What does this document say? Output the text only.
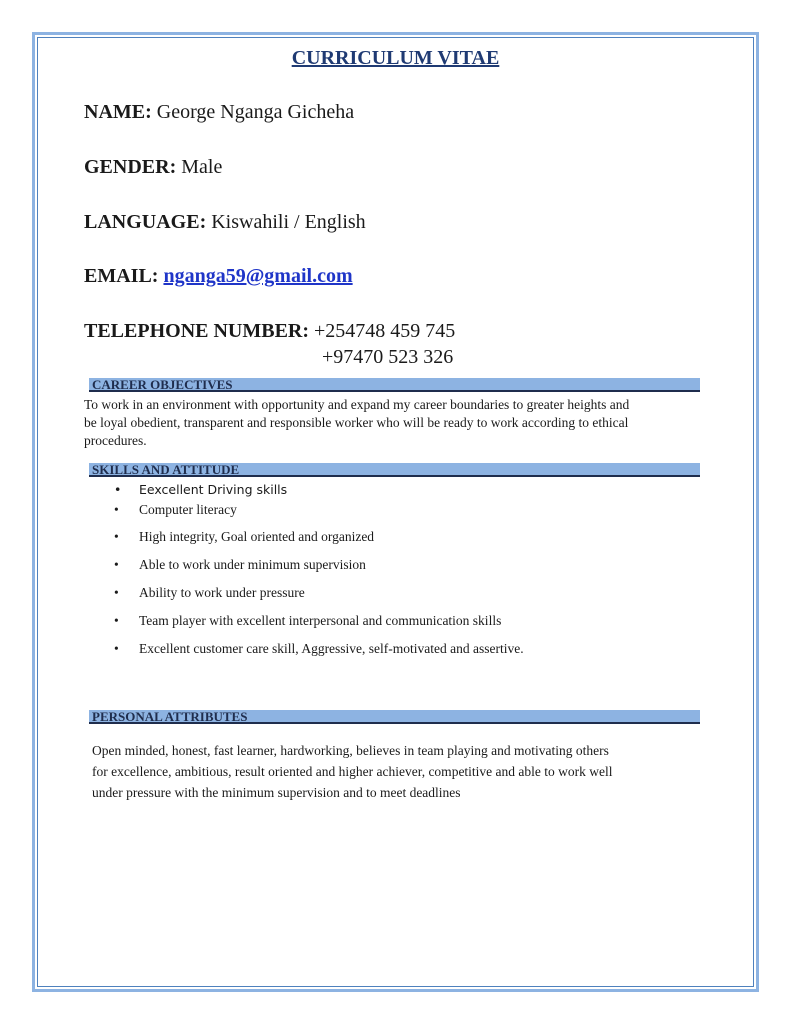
CURRICULUM VITAE
NAME: George Nganga Gicheha
GENDER: Male
LANGUAGE: Kiswahili / English
EMAIL: nganga59@gmail.com
TELEPHONE NUMBER: +254748 459 745
+97470 523 326
CAREER OBJECTIVES
To work in an environment with opportunity and expand my career boundaries to greater heights and
be loyal obedient, transparent and responsible worker who will be ready to work according to ethical
procedures.
SKILLS AND ATTITUDE
• Eexcellent Driving skills
• Computer literacy
• High integrity, Goal oriented and organized
• Able to work under minimum supervision
• Ability to work under pressure
• Team player with excellent interpersonal and communication skills
• Excellent customer care skill, Aggressive, self-motivated and assertive.
PERSONAL ATTRIBUTES
Open minded, honest, fast learner, hardworking, believes in team playing and motivating others
for excellence, ambitious, result oriented and higher achiever, competitive and able to work well
under pressure with the minimum supervision and to meet deadlines
